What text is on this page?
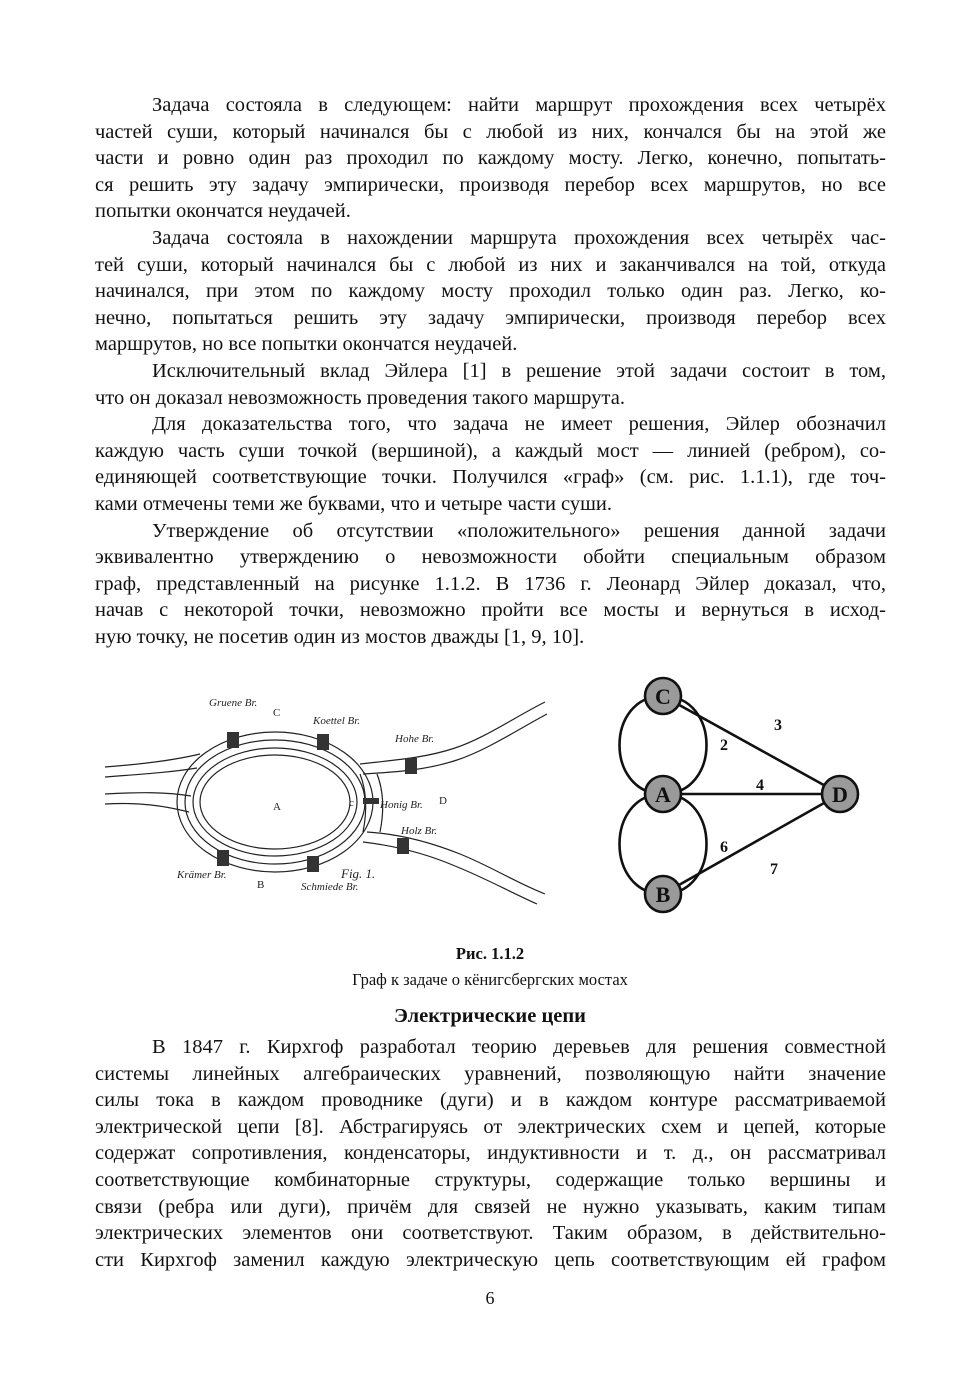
Задача состояла в следующем: найти маршрут прохождения всех четырёх
частей суши, который начинался бы с любой из них, кончался бы на этой же
части и ровно один раз проходил по каждому мосту. Легко, конечно, попытать-
ся решить эту задачу эмпирически, производя перебор всех маршрутов, но все
попытки окончатся неудачей.
Задача состояла в нахождении маршрута прохождения всех четырёх час-
тей суши, который начинался бы с любой из них и заканчивался на той, откуда
начинался, при этом по каждому мосту проходил только один раз. Легко, ко-
нечно, попытаться решить эту задачу эмпирически, производя перебор всех
маршрутов, но все попытки окончатся неудачей.
Исключительный вклад Эйлера [1] в решение этой задачи состоит в том,
что он доказал невозможность проведения такого маршрута.
Для доказательства того, что задача не имеет решения, Эйлер обозначил
каждую часть суши точкой (вершиной), а каждый мост — линией (ребром), со-
единяющей соответствующие точки. Получился «граф» (см. рис. 1.1.1), где точ-
ками отмечены теми же буквами, что и четыре части суши.
Утверждение об отсутствии «положительного» решения данной задачи
эквивалентно утверждению о невозможности обойти специальным образом
граф, представленный на рисунке 1.1.2. В 1736 г. Леонард Эйлер доказал, что,
начав с некоторой точки, невозможно пройти все мосты и вернуться в исход-
ную точку, не посетив один из мостов дважды [1, 9, 10].
Gruene Br.
Koettel Br.
Hohe Br.
Honig Br.
Holz Br.
Krämer Br.
Schmiede Br.
Fig. 1.
C
A
B
D
c
2
3
4
6
7
C
A
B
D
Рис. 1.1.2
Граф к задаче о кёнигсбергских мостах
Электрические цепи
В 1847 г. Кирхгоф разработал теорию деревьев для решения совместной
системы линейных алгебраических уравнений, позволяющую найти значение
силы тока в каждом проводнике (дуги) и в каждом контуре рассматриваемой
электрической цепи [8]. Абстрагируясь от электрических схем и цепей, которые
содержат сопротивления, конденсаторы, индуктивности и т. д., он рассматривал
соответствующие комбинаторные структуры, содержащие только вершины и
связи (ребра или дуги), причём для связей не нужно указывать, каким типам
электрических элементов они соответствуют. Таким образом, в действительно-
сти Кирхгоф заменил каждую электрическую цепь соответствующим ей графом
6
